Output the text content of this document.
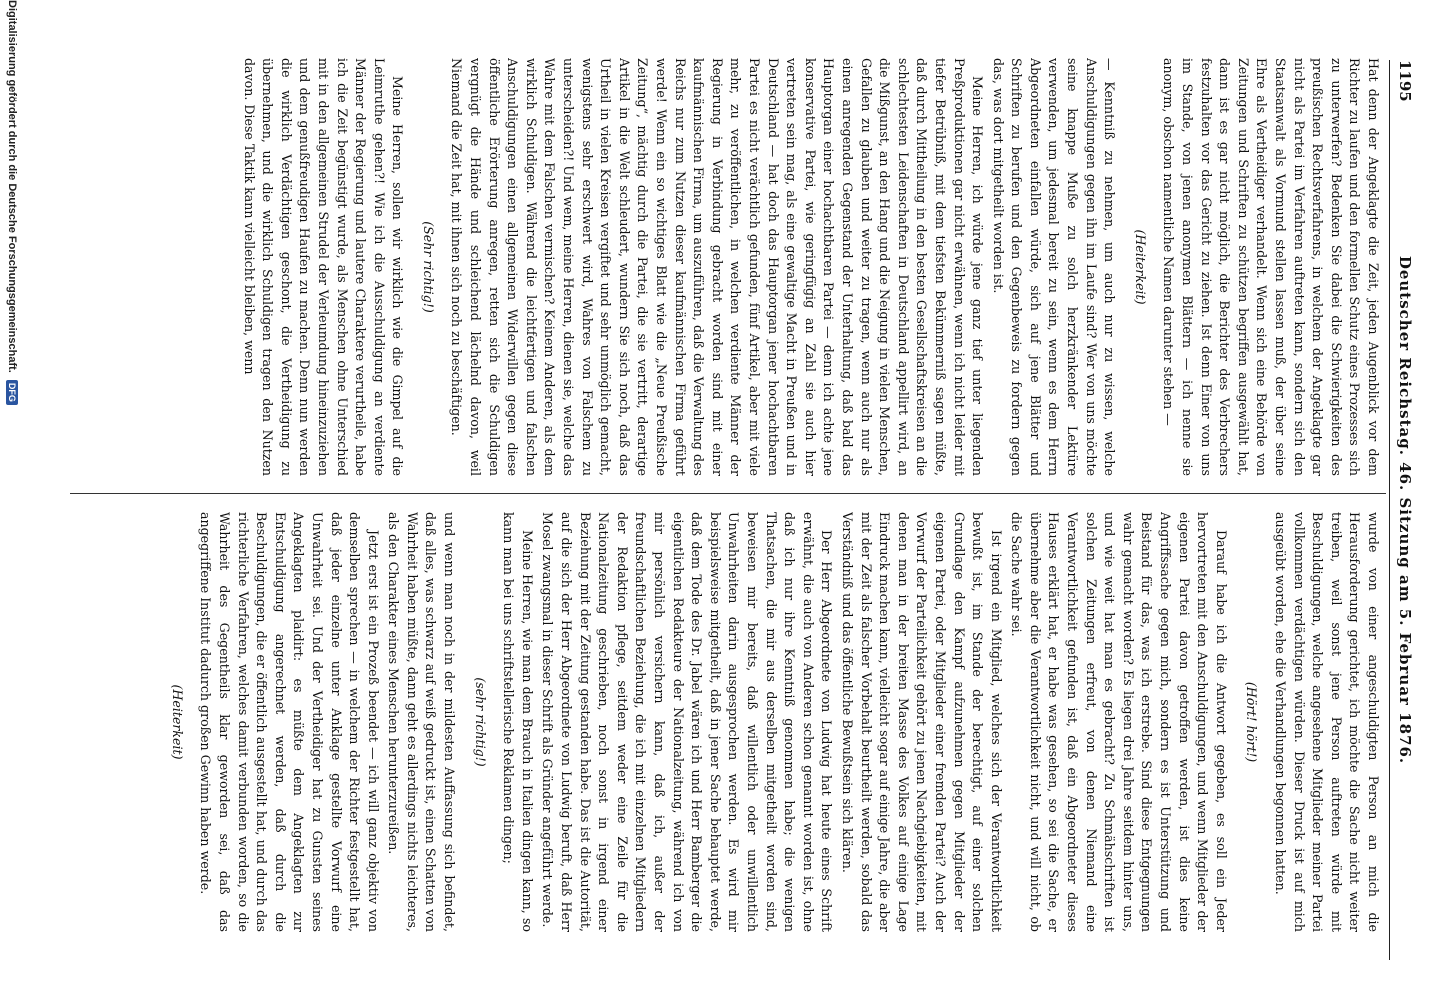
1195
Deutscher Reichstag. 46. Sitzung am 5. Februar 1876.

Hat denn der Angeklagte die Zeit, jeden Augenblick vor dem Richter zu laufen und den formellen Schutz eines Prozesses sich zu unterwerfen? Bedenken Sie dabei die Schwierigkeiten des preußischen Rechtsverfahrens, in welchem der Angeklagte gar nicht als Partei im Verfahren auftreten kann, sondern sich den Staatsanwalt als Vormund stellen lassen muß, der über seine Ehre als Vertheidiger verhandelt. Wenn sich eine Behörde von Zeitungen und Schriften zu schützen begriffen ausgewählt hat, dann ist es gar nicht möglich, die Berichter des Verbrechers festzuhalten vor das Gericht zu ziehen. Ist denn Einer von uns im Stande, von jenen anonymen Blättern — ich nenne sie anonym, obschon namentliche Namen darunter stehen —

(Heiterkeit)

— Kenntniß zu nehmen, um auch nur zu wissen, welche Anschuldigungen gegen ihn im Laufe sind? Wer von uns möchte seine knappe Muße zu solch herzkränkender Lektüre verwenden, um jedesmal bereit zu sein, wenn es dem Herrn Abgeordneten einfallen würde, sich auf jene Blätter und Schriften zu berufen und den Gegenbeweis zu fordern gegen das, was dort mitgetheilt worden ist.

Meine Herren, ich würde jene ganz tief unter liegenden Preßproduktionen gar nicht erwähnen, wenn ich nicht leider mit tiefer Betrübniß, mit dem tiefsten Bekümmerniß sagen müßte, daß durch Mittheilung in den besten Gesellschaftskreisen an die schlechtesten Leidenschaften in Deutschland appellirt wird, an die Mißgunst, an den Hang und die Neigung in vielen Menschen, Gefallen zu glauben und weiter zu tragen, wenn auch nur als einen anregenden Gegenstand der Unterhaltung, daß bald das Hauptorgan einer hochachtbaren Partei — denn ich achte jene konservative Partei, wie geringfügig an Zahl sie auch hier vertreten sein mag, als eine gewaltige Macht in Preußen und in Deutschland — hat doch das Hauptorgan jener hochachtbaren Partei es nicht verächtlich gefunden, fünf Artikel, aber mit viele mehr, zu veröffentlichen, in welchen verdiente Männer der Regierung in Verbindung gebracht worden sind mit einer kaufmännischen Firma, um auszuführen, daß die Verwaltung des Reichs nur zum Nutzen dieser kaufmännischen Firma geführt werde! Wenn ein so wichtiges Blatt wie die „Neue Preußische Zeitung“, mächtig durch die Partei, die sie vertritt, derartige Artikel in die Welt schleudert, wundern Sie sich noch, daß das Urtheil in vielen Kreisen vergiftet und sehr unmöglich gemacht, wenigstens sehr erschwert wird, Wahres von Falschem zu unterscheiden?! Und wem, meine Herren, dienen sie, welche das Wahre mit dem Falschen vermischen? Keinem Anderen, als dem wirklich Schuldigen. Während die leichtfertigen und falschen Anschuldigungen einen allgemeinen Widerwillen gegen diese öffentliche Erörterung anregen, retten sich die Schuldigen vergnügt die Hände und schleichend lächelnd davon, weil Niemand die Zeit hat, mit ihnen sich noch zu beschäftigen.

(Sehr richtig!)

Meine Herren, sollen wir wirklich wie die Gimpel auf die Leimruthe gehen?! Wie ich die Ausschuldigung an verdiente Männer der Regierung und lautere Charaktere verurtheile, habe ich die Zeit begünstigt wurde, als Menschen ohne Unterschied mit in den allgemeinen Strudel der Verleumdung hineinzuziehen und dem genußfreudigen Haufen zu machen. Denn nun werden die wirklich Verdächtigen geschont, die Vertheidigung zu übernehmen, und die wirklich Schuldigen tragen den Nutzen davon. Diese Taktik kann vielleicht bleiben, wenn

wurde von einer angeschuldigten Person an mich die Herausforderung gerichtet, ich möchte die Sache nicht weiter treiben, weil sonst jene Person auftreten würde mit Beschuldigungen, welche angesehene Mitglieder meiner Partei vollkommen verdächtigen würden. Dieser Druck ist auf mich ausgeübt worden, ehe die Verhandlungen begonnen hatten.

(Hört! hört!)

Darauf habe ich die Antwort gegeben, es soll ein Jeder hervortreten mit den Anschuldigungen, und wenn Mitglieder der eigenen Partei davon getroffen werden, ist dies keine Angriffssache gegen mich, sondern es ist Unterstützung und Beistand für das, was ich erstrebe. Sind diese Entgegnungen wahr gemacht worden? Es liegen drei Jahre seitdem hinter uns, und wie weit hat man es gebracht? Zu Schmähschriften ist solchen Zeitungen erfreut, von denen Niemand eine Verantwortlichkeit gefunden ist, daß ein Abgeordneter dieses Hauses erklärt hat, er habe was gesehen, so sei die Sache, er übernehme aber die Verantwortlichkeit nicht, und will nicht, ob die Sache wahr sei.

Ist irgend ein Mitglied, welches sich der Verantwortlichkeit bewußt ist, im Stande der berechtigt, auf einer solchen Grundlage den Kampf aufzunehmen gegen Mitglieder der eigenen Partei, oder Mitglieder einer fremden Partei? Auch der Vorwurf der Parteilichkeit gehört zu jenen Nachgiebigkeiten, mit denen man in der breiten Masse des Volkes auf einige Lage Eindruck machen kann, vielleicht sogar auf einige Jahre, die aber mit der Zeit als falscher Vorbehalt beurtheilt werden, sobald das Verständniß und das öffentliche Bewußtsein sich klären.

Der Herr Abgeordnete von Ludwig hat heute eines Schrift erwähnt, die auch von Anderen schon genannt worden ist, ohne daß ich nur ihre Kenntniß genommen habe; die wenigen Thatsachen, die mir aus derselben mitgetheilt worden sind, beweisen mir bereits, daß willentlich oder unwillentlich Unwahrheiten darin ausgesprochen werden. Es wird mir beispielsweise mitgetheilt, daß in jener Sache behauptet werde, daß dem Tode des Dr. Jabel wären ich und Herr Bamberger die eigentlichen Redakteure der Nationalzeitung, während ich von mir persönlich versichern kann, daß ich, außer der freundschaftlichen Beziehung, die ich mit einzelnen Mitgliedern der Redaktion pflege, seitdem weder eine Zeile für die Nationalzeitung geschrieben, noch sonst in irgend einer Beziehung mit der Zeitung gestanden habe. Das ist die Autorität, auf die sich der Herr Abgeordnete von Ludwig beruft, daß Herr Mosel zwangsmal in dieser Schrift als Gründer angeführt werde.

Meine Herren, wie man dem Brauch in Italien dingen kann, so kann man bei uns schriftstellerische Reklamen dingen;

(sehr richtig!)

und wenn man noch in der mildesten Auffassung sich befindet, daß alles, was schwarz auf weiß gedruckt ist, einen Schatten von Wahrheit haben müßte, dann geht es allerdings nichts leichteres, als den Charakter eines Menschen herunterzureißen.

Jetzt erst ist ein Prozeß beendet — ich will ganz objektiv von demselben sprechen — in welchem der Richter festgestellt hat, daß jeder einzelne unter Anklage gestellte Vorwurf eine Unwahrheit sei. Und der Vertheidiger hat zu Gunsten seines Angeklagten plaidirt: es müßte dem Angeklagten zur Entschuldigung angerechnet werden, daß durch die Beschuldigungen, die er öffentlich ausgestellt hat, und durch das richterliche Verfahren, welches damit verbunden worden, so die Wahrheit des Gegentheils klar geworden sei, daß das angegriffene Institut dadurch großen Gewinn haben werde.

(Heiterkeit)

Digitalisierung gefördert durch die Deutsche Forschungsgemeinschaft. DFG
